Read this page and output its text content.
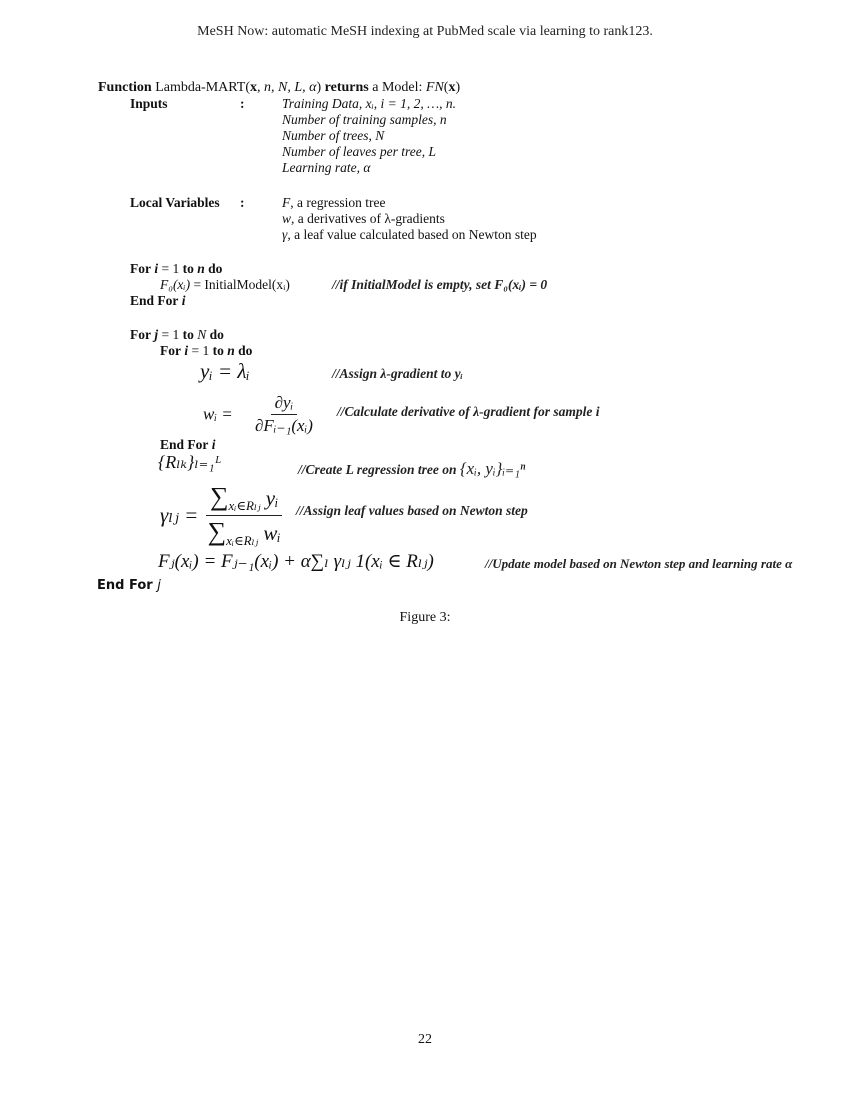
MeSH Now: automatic MeSH indexing at PubMed scale via learning to rank123.
Function Lambda-MART(x, n, N, L, α) returns a Model: FN(x)
Inputs	:	Training Data, xᵢ, i = 1, 2, …, n.
Number of training samples, n
Number of trees, N
Number of leaves per tree, L
Learning rate, α
Local Variables :	F, a regression tree
w, a derivatives of λ-gradients
γ, a leaf value calculated based on Newton step
For i = 1 to n do
F₀(xᵢ) = InitialModel(xᵢ)	//if InitialModel is empty, set F₀(xᵢ) = 0
End For i
For j = 1 to N do
For i = 1 to n do
yᵢ = λᵢ	//Assign λ-gradient to yᵢ
wᵢ = $\frac{\text{∂yᵢ}}{\text{∂Fᵢ₋₁(xᵢ)}}$ //Calculate derivative of λ-gradient for sample i
End For i
{Rₗₖ}ₗ₌₁ᴸ	//Create L regression tree on {xᵢ, yᵢ}ᵢ₌₁ⁿ
γₗⱼ = $\frac{\sum_{xᵢ\in R_lⱼ} yᵢ}{\sum_{xᵢ\in R_lⱼ} wᵢ}$ //Assign leaf values based on Newton step
Fⱼ(xᵢ) = Fⱼ₋₁(xᵢ) + α∑ₗ γₗⱼ 1(xᵢ ∈ Rₗⱼ)	//Update model based on Newton step and learning rate α
End For j
Figure 3:
22
